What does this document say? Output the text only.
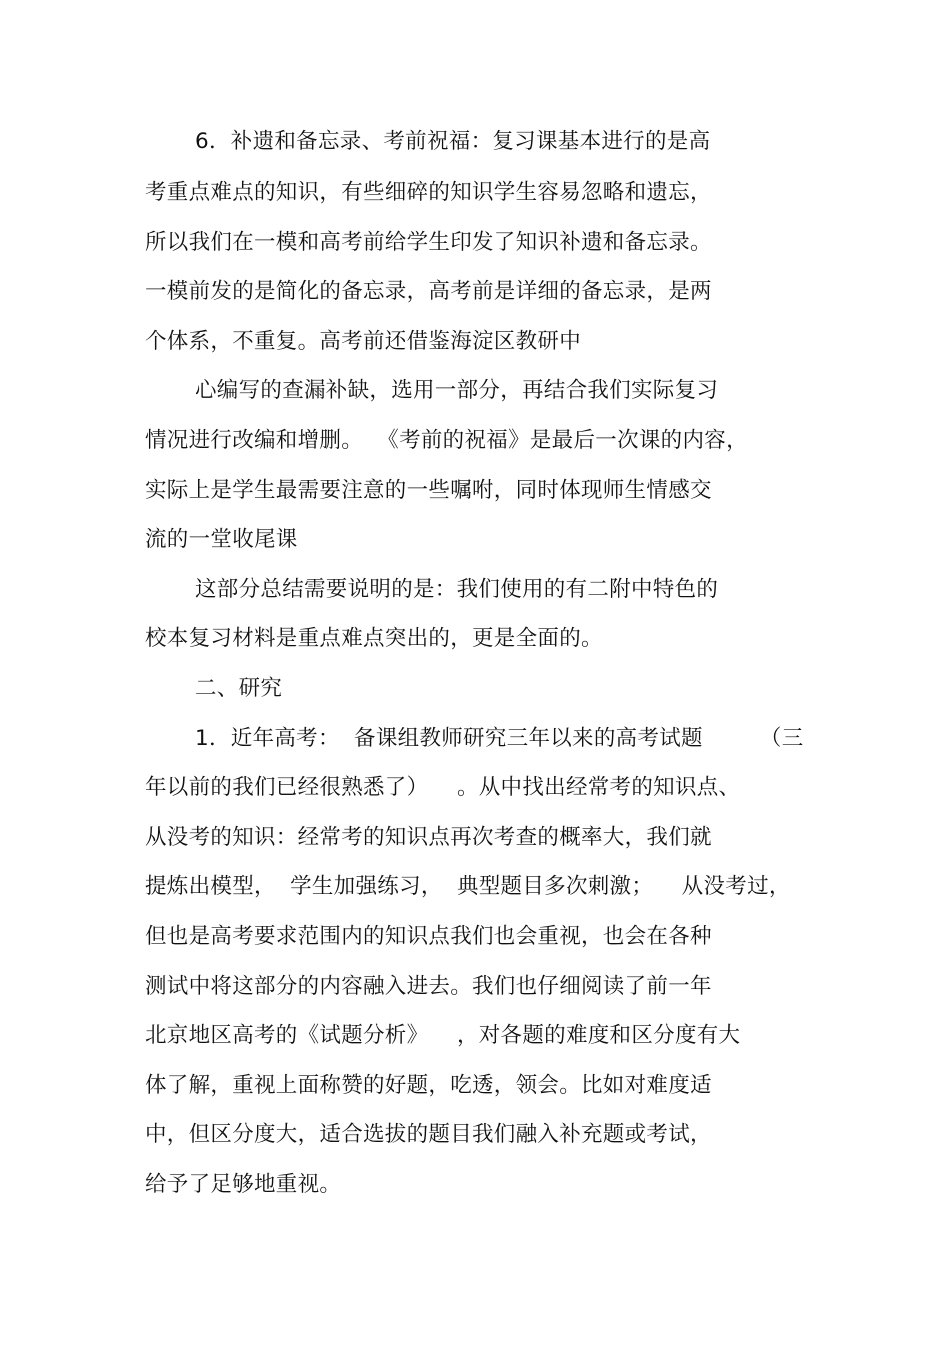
6．补遗和备忘录、考前祝福：复习课基本进行的是高
考重点难点的知识，有些细碎的知识学生容易忽略和遗忘，
所以我们在一模和高考前给学生印发了知识补遗和备忘录。
一模前发的是简化的备忘录，高考前是详细的备忘录，是两
个体系，不重复。高考前还借鉴海淀区教研中
心编写的查漏补缺，选用一部分，再结合我们实际复习
情况进行改编和增删。  《考前的祝福》是最后一次课的内容，
实际上是学生最需要注意的一些嘱咐，同时体现师生情感交
流的一堂收尾课
这部分总结需要说明的是：我们使用的有二附中特色的
校本复习材料是重点难点突出的，更是全面的。
二、研究
1．近年高考：  备课组教师研究三年以来的高考试题        （三
年以前的我们已经很熟悉了）    。从中找出经常考的知识点、
从没考的知识：经常考的知识点再次考查的概率大，我们就
提炼出模型，  学生加强练习，  典型题目多次刺激；    从没考过，
但也是高考要求范围内的知识点我们也会重视，也会在各种
测试中将这部分的内容融入进去。我们也仔细阅读了前一年
北京地区高考的《试题分析》    ，对各题的难度和区分度有大
体了解，重视上面称赞的好题，吃透，领会。比如对难度适
中，但区分度大，适合选拔的题目我们融入补充题或考试，
给予了足够地重视。
